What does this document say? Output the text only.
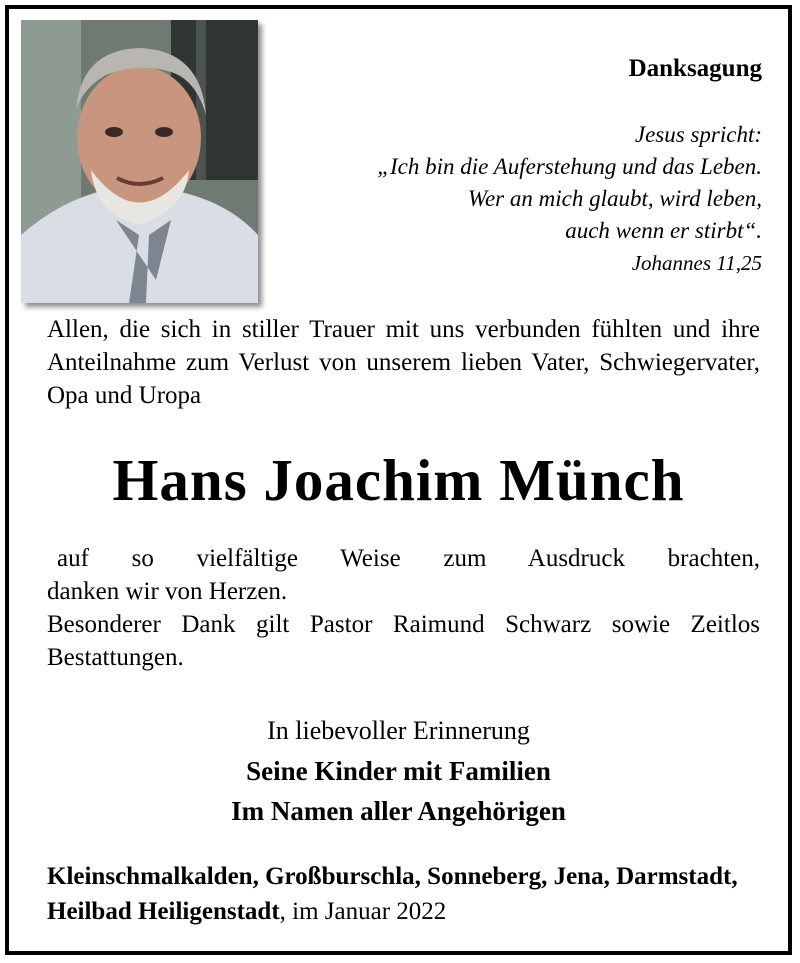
Danksagung
Jesus spricht:
„Ich bin die Auferstehung und das Leben.
Wer an mich glaubt, wird leben,
auch wenn er stirbt“.
Johannes 11,25
Allen, die sich in stiller Trauer mit uns verbunden fühlten und ihre Anteilnahme zum Verlust von unserem lieben Vater, Schwiegervater, Opa und Uropa
Hans Joachim Münch
auf so vielfältige Weise zum Ausdruck brachten,
danken wir von Herzen.
Besonderer Dank gilt Pastor Raimund Schwarz sowie Zeitlos Bestattungen.
In liebevoller Erinnerung
Seine Kinder mit Familien
Im Namen aller Angehörigen
Kleinschmalkalden, Großburschla, Sonneberg, Jena, Darmstadt, Heilbad Heiligenstadt, im Januar 2022
